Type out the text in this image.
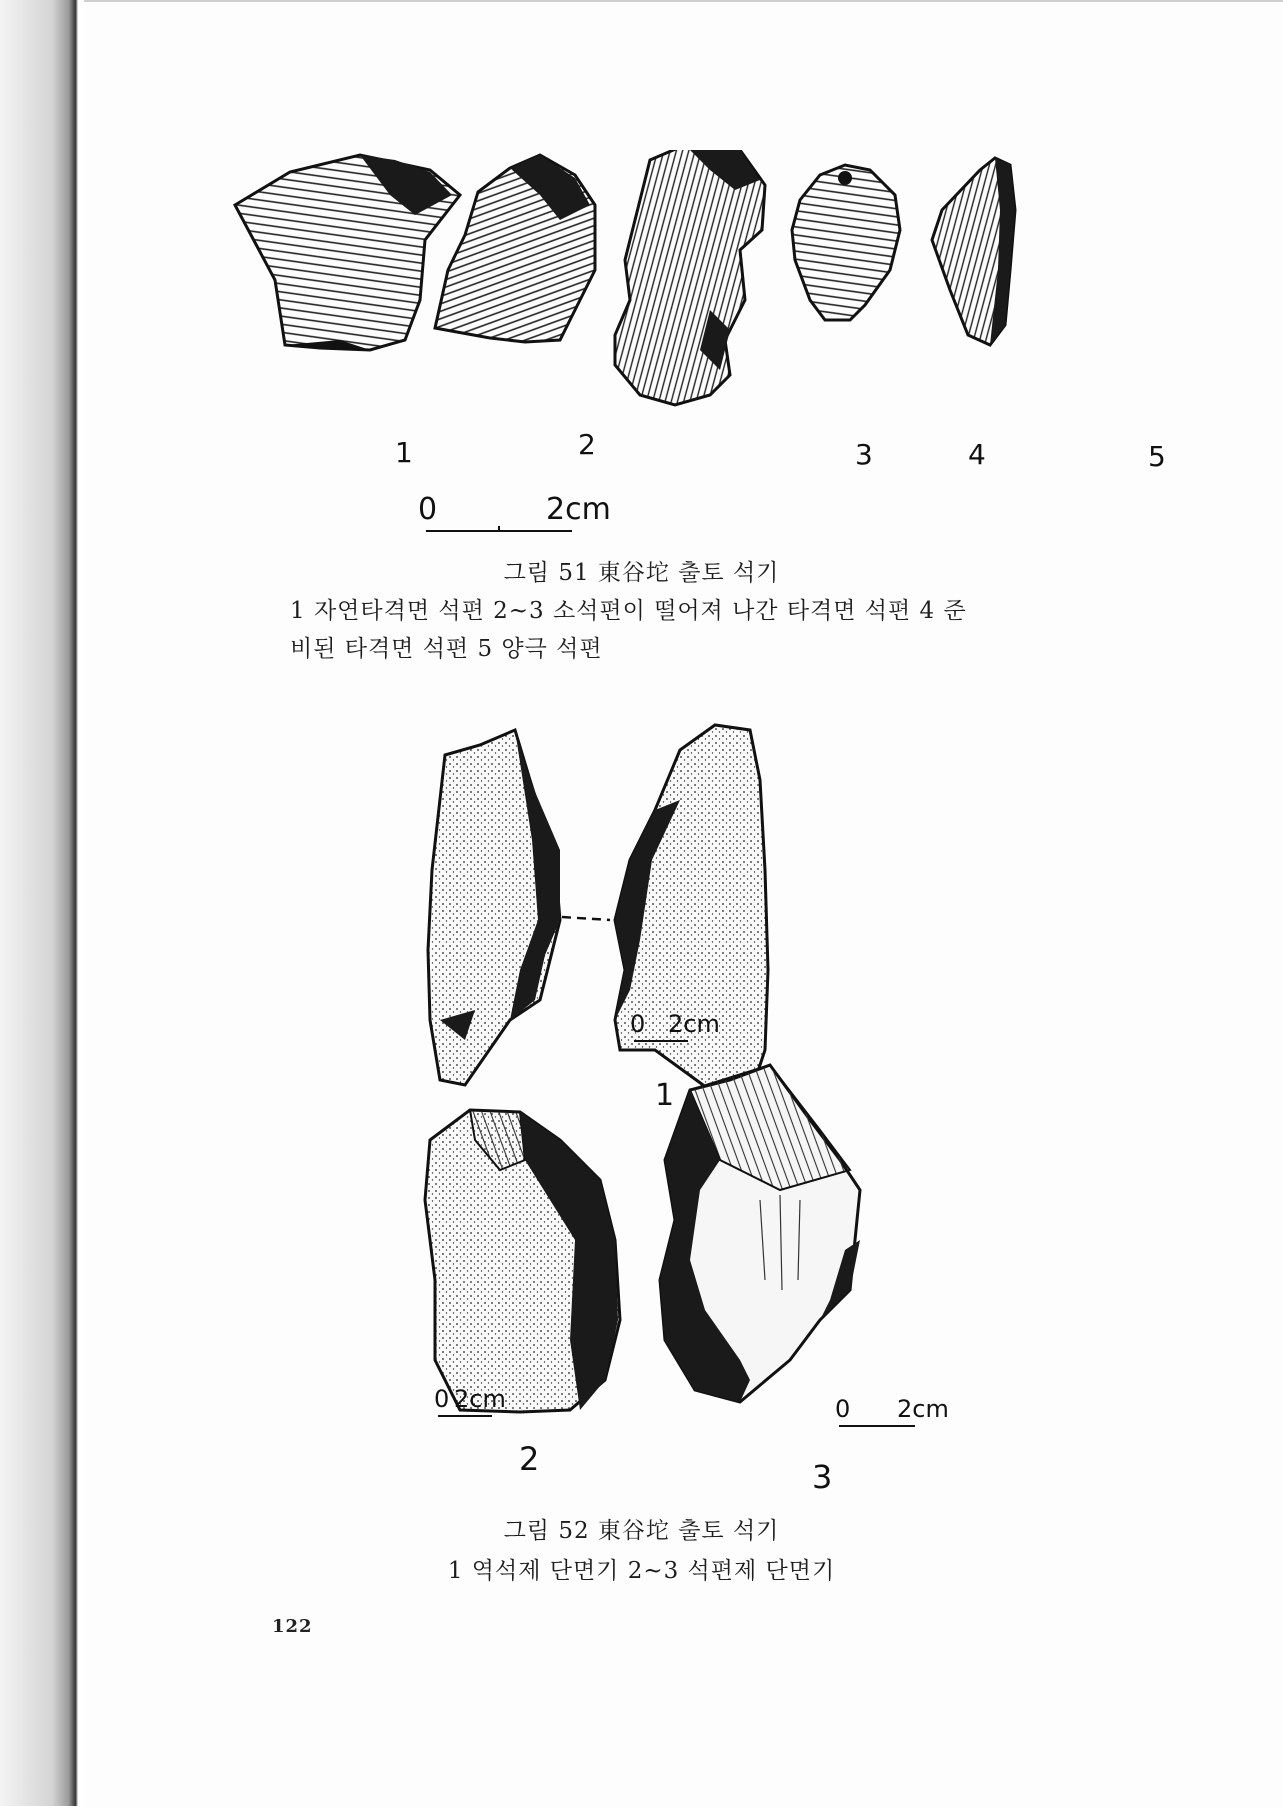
1	2	3	4	5
0	2cm
그림 51 東谷坨 출토 석기
1 자연타격면 석편 2~3 소석편이 떨어져 나간 타격면 석편 4 준
비된 타격면 석편 5 양극 석편
0 2cm
0 2cm	0 2cm
1
2	3
그림 52 東谷坨 출토 석기
1 역석제 단면기 2~3 석편제 단면기
122
